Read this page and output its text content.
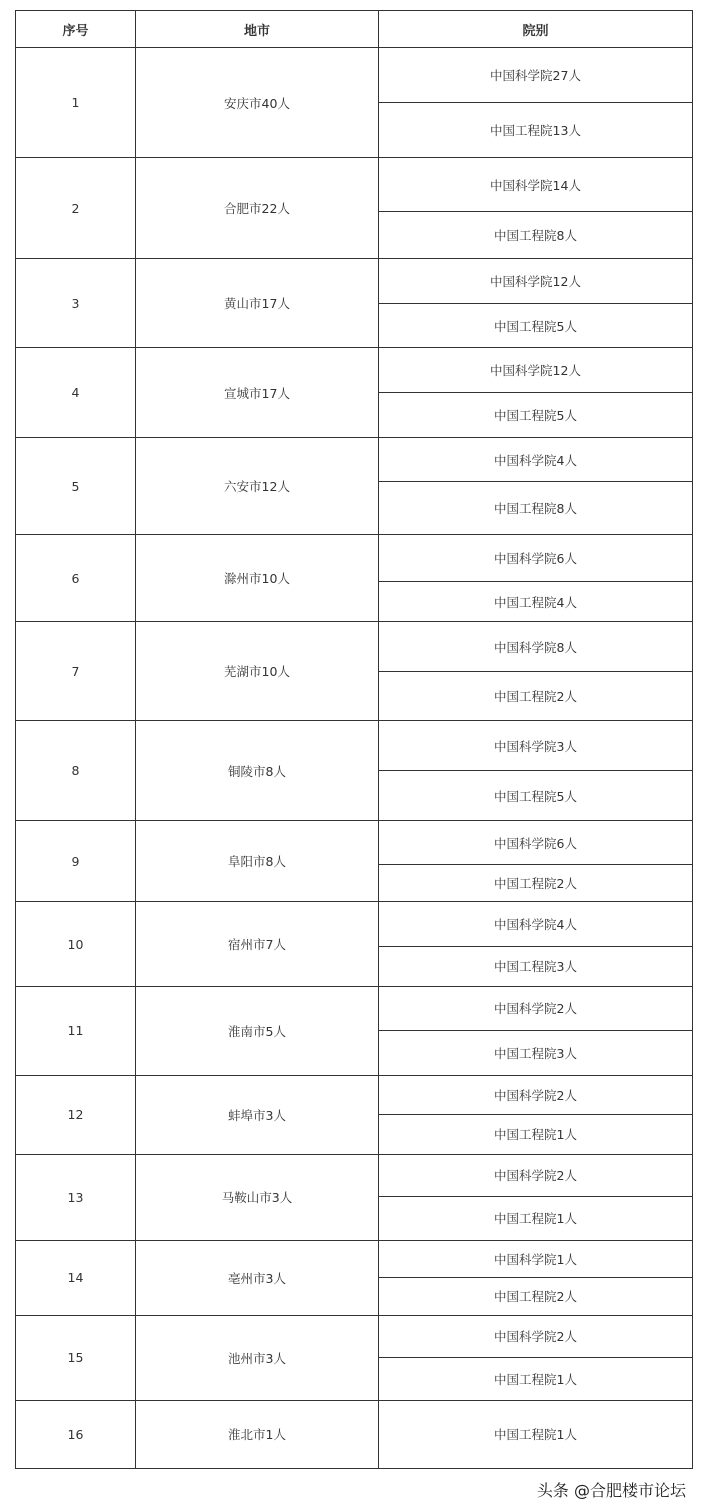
序号	地市	院别
1	安庆市40人	中国科学院27人
		中国工程院13人
2	合肥市22人	中国科学院14人
		中国工程院8人
3	黄山市17人	中国科学院12人
		中国工程院5人
4	宣城市17人	中国科学院12人
		中国工程院5人
5	六安市12人	中国科学院4人
		中国工程院8人
6	滁州市10人	中国科学院6人
		中国工程院4人
7	芜湖市10人	中国科学院8人
		中国工程院2人
8	铜陵市8人	中国科学院3人
		中国工程院5人
9	阜阳市8人	中国科学院6人
		中国工程院2人
10	宿州市7人	中国科学院4人
		中国工程院3人
11	淮南市5人	中国科学院2人
		中国工程院3人
12	蚌埠市3人	中国科学院2人
		中国工程院1人
13	马鞍山市3人	中国科学院2人
		中国工程院1人
14	亳州市3人	中国科学院1人
		中国工程院2人
15	池州市3人	中国科学院2人
		中国工程院1人
16	淮北市1人	中国工程院1人
头条 @合肥楼市论坛
